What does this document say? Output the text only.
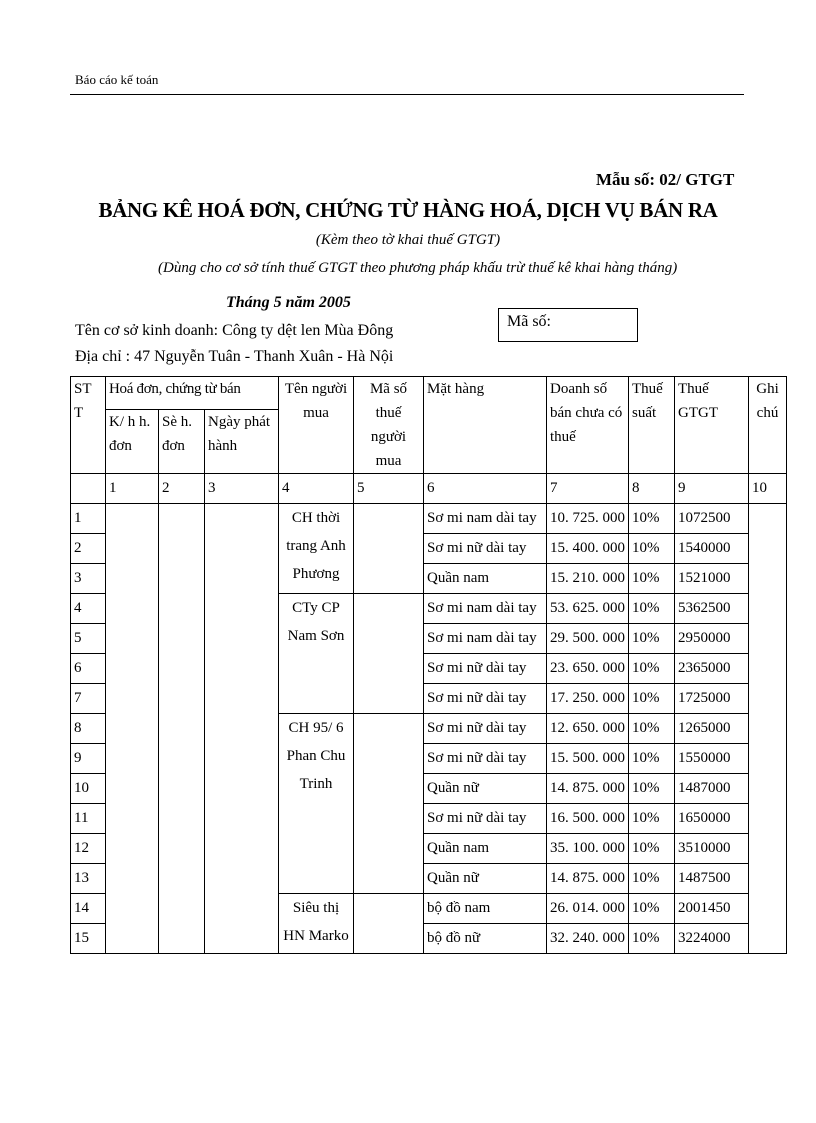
Báo cáo kế toán
Mẫu số: 02/ GTGT
BẢNG KÊ HOÁ ĐƠN, CHỨNG TỪ HÀNG HOÁ, DỊCH VỤ BÁN RA
(Kèm theo tờ khai thuế GTGT)
(Dùng cho cơ sở tính thuế GTGT theo phương pháp khấu trừ thuế kê khai hàng tháng)
Tháng 5 năm 2005
Tên cơ sở kinh doanh: Công ty dệt len Mùa Đông
Địa chỉ : 47 Nguyễn Tuân - Thanh Xuân - Hà Nội
Mã số:
ST
T	Hoá đơn, chứng từ bán			Tên người mua	Mã số thuế người mua	Mặt hàng	Doanh số bán chưa có thuế	Thuế suất	Thuế GTGT	Ghi chú
	K/ h h. đơn	Sè h. đơn	Ngày phát hành							
	1	2	3	4	5	6	7	8	9	10
1				CH thời trang Anh Phương		Sơ mi nam dài tay	10. 725. 000	10%	1072500	
2						Sơ mi nữ dài tay	15. 400. 000	10%	1540000	
3						Quần nam	15. 210. 000	10%	1521000	
4				CTy CP Nam Sơn		Sơ mi nam dài tay	53. 625. 000	10%	5362500	
5						Sơ mi nam dài tay	29. 500. 000	10%	2950000	
6						Sơ mi nữ dài tay	23. 650. 000	10%	2365000	
7						Sơ mi nữ dài tay	17. 250. 000	10%	1725000	
8				CH 95/ 6 Phan Chu Trinh		Sơ mi nữ dài tay	12. 650. 000	10%	1265000	
9						Sơ mi nữ dài tay	15. 500. 000	10%	1550000	
10						Quần nữ	14. 875. 000	10%	1487000	
11						Sơ mi nữ dài tay	16. 500. 000	10%	1650000	
12						Quần nam	35. 100. 000	10%	3510000	
13						Quần nữ	14. 875. 000	10%	1487500	
14				Siêu thị HN Marko		bộ đồ nam	26. 014. 000	10%	2001450	
15						bộ đồ nữ	32. 240. 000	10%	3224000	
